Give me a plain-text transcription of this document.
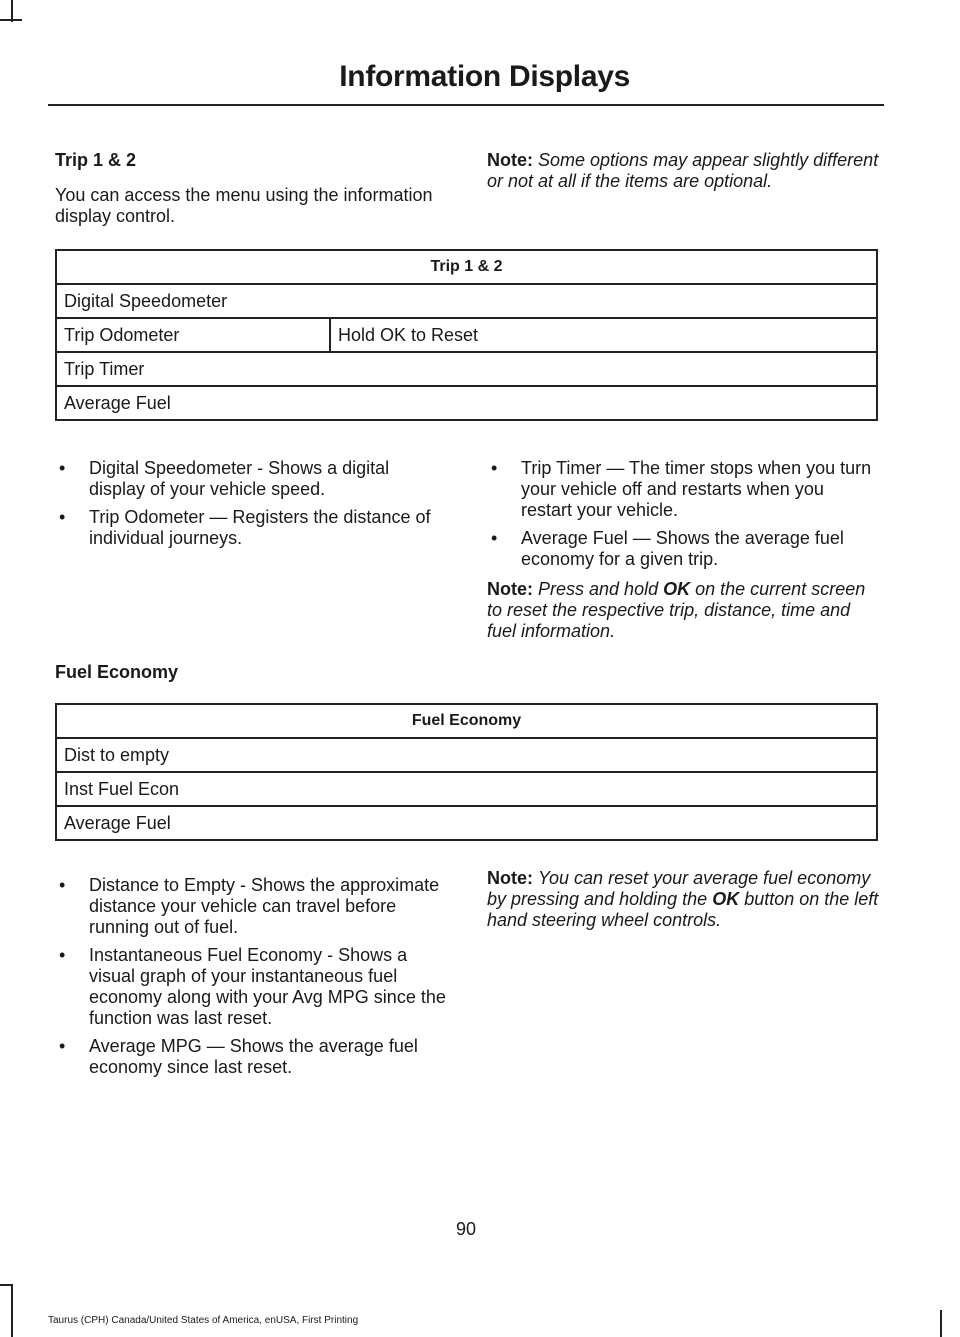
Information Displays

Trip 1 & 2

You can access the menu using the information display control.

Note: Some options may appear slightly different or not at all if the items are optional.

Trip 1 & 2
Digital Speedometer
Trip Odometer	Hold OK to Reset
Trip Timer
Average Fuel
• Digital Speedometer - Shows a digital display of your vehicle speed.
• Trip Odometer — Registers the distance of individual journeys.
• Trip Timer — The timer stops when you turn your vehicle off and restarts when you restart your vehicle.
• Average Fuel — Shows the average fuel economy for a given trip.

Note: Press and hold OK on the current screen to reset the respective trip, distance, time and fuel information.

Fuel Economy

Fuel Economy
Dist to empty
Inst Fuel Econ
Average Fuel
• Distance to Empty - Shows the approximate distance your vehicle can travel before running out of fuel.
• Instantaneous Fuel Economy - Shows a visual graph of your instantaneous fuel economy along with your Avg MPG since the function was last reset.
• Average MPG — Shows the average fuel economy since last reset.

Note: You can reset your average fuel economy by pressing and holding the OK button on the left hand steering wheel controls.

90
Taurus (CPH) Canada/United States of America, enUSA, First Printing
